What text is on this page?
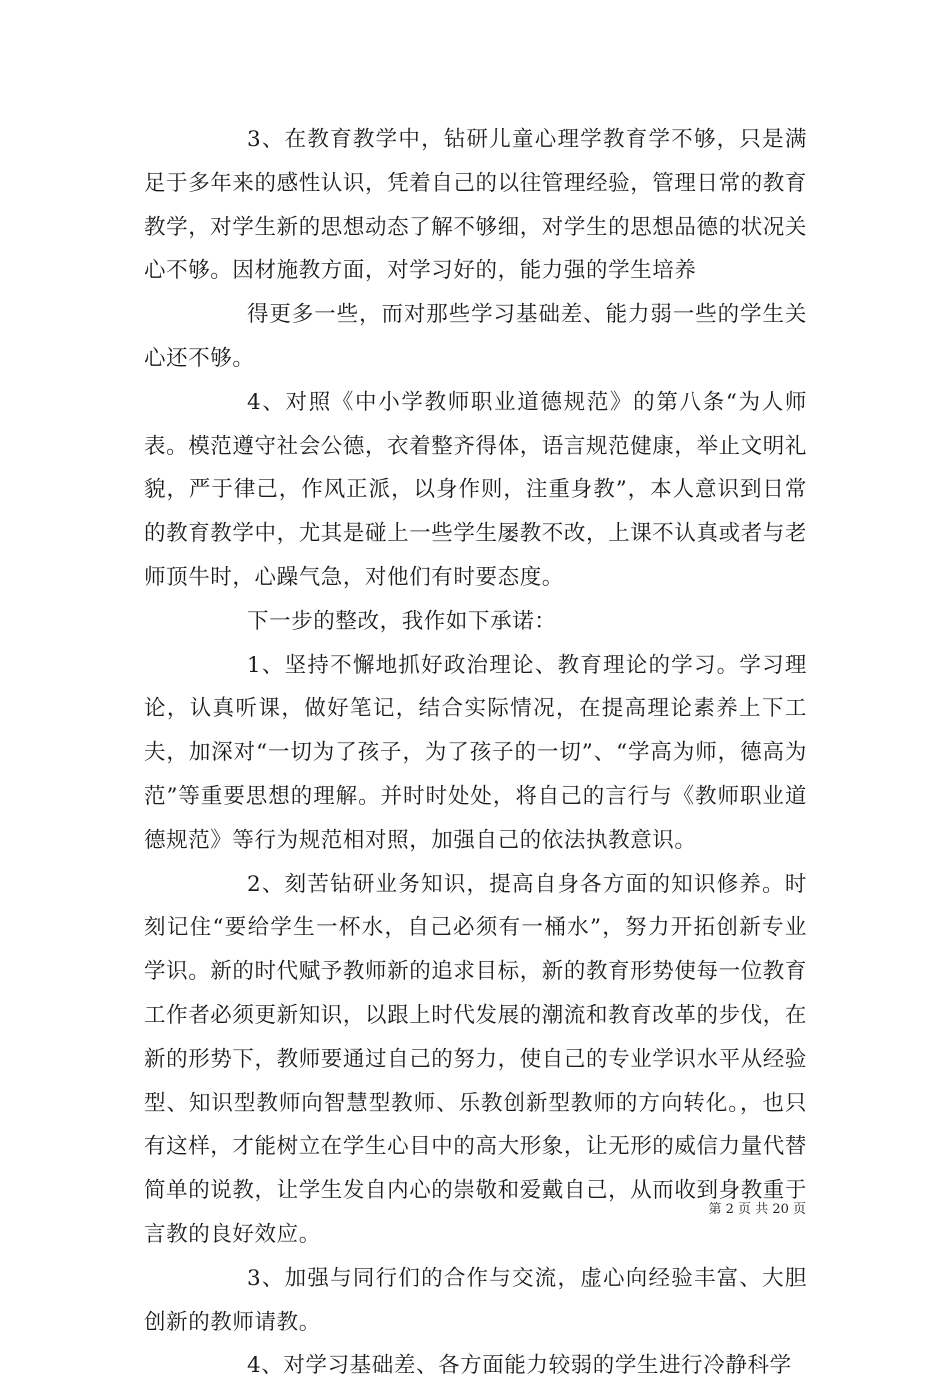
3、在教育教学中，钻研儿童心理学教育学不够，只是满足于多年来的感性认识，凭着自己的以往管理经验，管理日常的教育教学，对学生新的思想动态了解不够细，对学生的思想品德的状况关心不够。因材施教方面，对学习好的，能力强的学生培养

得更多一些，而对那些学习基础差、能力弱一些的学生关心还不够。

4、对照《中小学教师职业道德规范》的第八条“为人师表。模范遵守社会公德，衣着整齐得体，语言规范健康，举止文明礼貌，严于律己，作风正派，以身作则，注重身教”，本人意识到日常的教育教学中，尤其是碰上一些学生屡教不改，上课不认真或者与老师顶牛时，心躁气急，对他们有时要态度。

下一步的整改，我作如下承诺：

1、坚持不懈地抓好政治理论、教育理论的学习。学习理论，认真听课，做好笔记，结合实际情况，在提高理论素养上下工夫，加深对“一切为了孩子，为了孩子的一切”、“学高为师，德高为范”等重要思想的理解。并时时处处，将自己的言行与《教师职业道德规范》等行为规范相对照，加强自己的依法执教意识。

2、刻苦钻研业务知识，提高自身各方面的知识修养。时刻记住“要给学生一杯水，自己必须有一桶水”，努力开拓创新专业学识。新的时代赋予教师新的追求目标，新的教育形势使每一位教育工作者必须更新知识，以跟上时代发展的潮流和教育改革的步伐，在新的形势下，教师要通过自己的努力，使自己的专业学识水平从经验型、知识型教师向智慧型教师、乐教创新型教师的方向转化。，也只有这样，才能树立在学生心目中的高大形象，让无形的威信力量代替简单的说教，让学生发自内心的崇敬和爱戴自己，从而收到身教重于言教的良好效应。

3、加强与同行们的合作与交流，虚心向经验丰富、大胆创新的教师请教。

4、对学习基础差、各方面能力较弱的学生进行冷静科学

第 2 页 共 20 页
